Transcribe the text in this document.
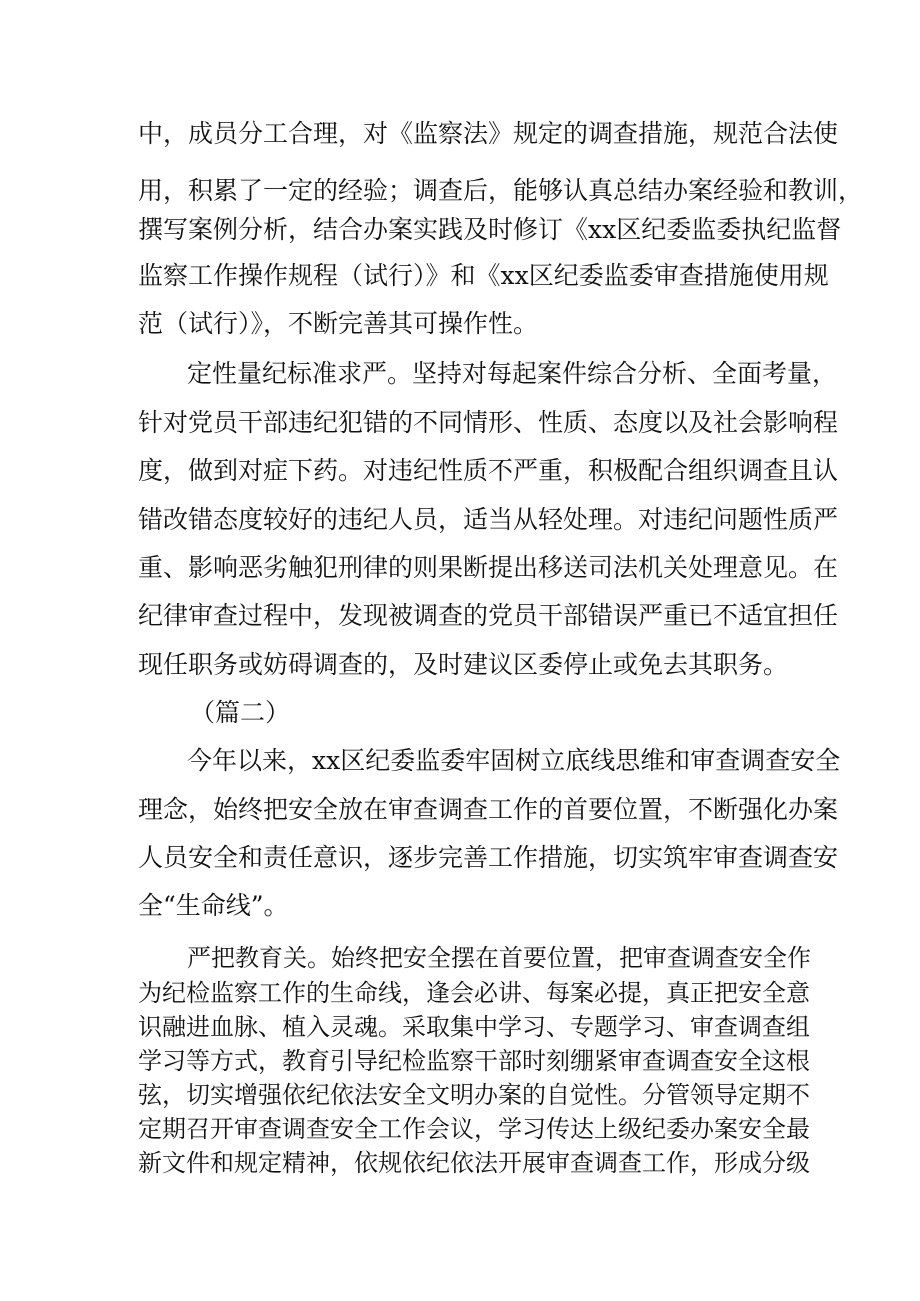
中，成员分工合理，对《监察法》规定的调查措施，规范合法使

用，积累了一定的经验；调查后，能够认真总结办案经验和教训，

撰写案例分析，结合办案实践及时修订《xx区纪委监委执纪监督

监察工作操作规程（试行）》和《xx区纪委监委审查措施使用规

范（试行）》，不断完善其可操作性。

定性量纪标准求严。坚持对每起案件综合分析、全面考量，

针对党员干部违纪犯错的不同情形、性质、态度以及社会影响程

度，做到对症下药。对违纪性质不严重，积极配合组织调查且认

错改错态度较好的违纪人员，适当从轻处理。对违纪问题性质严

重、影响恶劣触犯刑律的则果断提出移送司法机关处理意见。在

纪律审查过程中，发现被调查的党员干部错误严重已不适宜担任

现任职务或妨碍调查的，及时建议区委停止或免去其职务。

（篇二）

今年以来，xx区纪委监委牢固树立底线思维和审查调查安全

理念，始终把安全放在审查调查工作的首要位置，不断强化办案

人员安全和责任意识，逐步完善工作措施，切实筑牢审查调查安

全“生命线”。

严把教育关。始终把安全摆在首要位置，把审查调查安全作

为纪检监察工作的生命线，逢会必讲、每案必提，真正把安全意

识融进血脉、植入灵魂。采取集中学习、专题学习、审查调查组

学习等方式，教育引导纪检监察干部时刻绷紧审查调查安全这根

弦，切实增强依纪依法安全文明办案的自觉性。分管领导定期不

定期召开审查调查安全工作会议，学习传达上级纪委办案安全最

新文件和规定精神，依规依纪依法开展审查调查工作，形成分级
